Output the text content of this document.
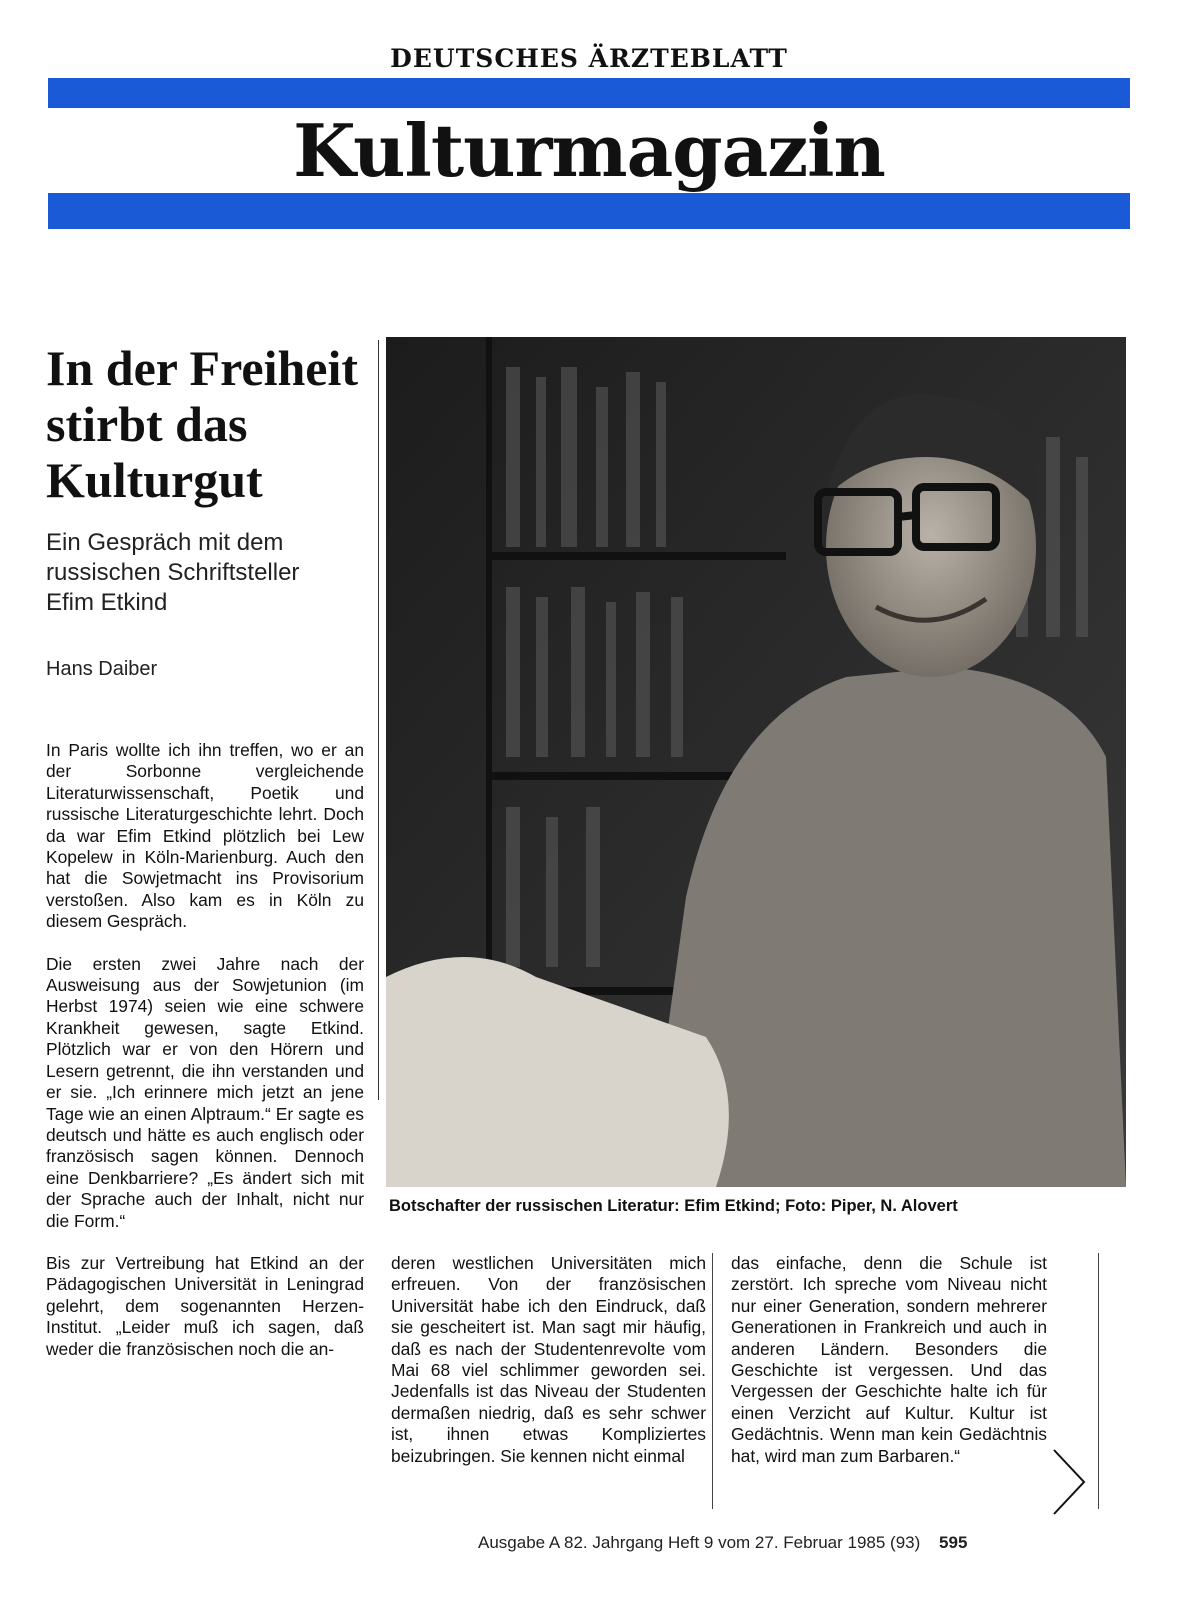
DEUTSCHES ÄRZTEBLATT
Kulturmagazin
In der Freiheit
stirbt das
Kulturgut
Ein Gespräch mit dem
russischen Schriftsteller
Efim Etkind
Hans Daiber

In Paris wollte ich ihn treffen, wo er an der Sorbonne vergleichende Literaturwissenschaft, Poetik und russische Literaturgeschichte lehrt. Doch da war Efim Etkind plötzlich bei Lew Kopelew in Köln-Marienburg. Auch den hat die Sowjetmacht ins Provisorium verstoßen. Also kam es in Köln zu diesem Gespräch.

Die ersten zwei Jahre nach der Ausweisung aus der Sowjetunion (im Herbst 1974) seien wie eine schwere Krankheit gewesen, sagte Etkind. Plötzlich war er von den Hörern und Lesern getrennt, die ihn verstanden und er sie. „Ich erinnere mich jetzt an jene Tage wie an einen Alptraum.“ Er sagte es deutsch und hätte es auch englisch oder französisch sagen können. Dennoch eine Denkbarriere? „Es ändert sich mit der Sprache auch der Inhalt, nicht nur die Form.“

Bis zur Vertreibung hat Etkind an der Pädagogischen Universität in Leningrad gelehrt, dem sogenannten Herzen-Institut. „Leider muß ich sagen, daß weder die französischen noch die an-

Botschafter der russischen Literatur: Efim Etkind; Foto: Piper, N. Alovert
deren westlichen Universitäten mich erfreuen. Von der französischen Universität habe ich den Eindruck, daß sie gescheitert ist. Man sagt mir häufig, daß es nach der Studentenrevolte vom Mai 68 viel schlimmer geworden sei. Jedenfalls ist das Niveau der Studenten dermaßen niedrig, daß es sehr schwer ist, ihnen etwas Kompliziertes beizubringen. Sie kennen nicht einmal
das einfache, denn die Schule ist zerstört. Ich spreche vom Niveau nicht nur einer Generation, sondern mehrerer Generationen in Frankreich und auch in anderen Ländern. Besonders die Geschichte ist vergessen. Und das Vergessen der Geschichte halte ich für einen Verzicht auf Kultur. Kultur ist Gedächtnis. Wenn man kein Gedächtnis hat, wird man zum Barbaren.“
Ausgabe A 82. Jahrgang Heft 9 vom 27. Februar 1985 (93) 595
